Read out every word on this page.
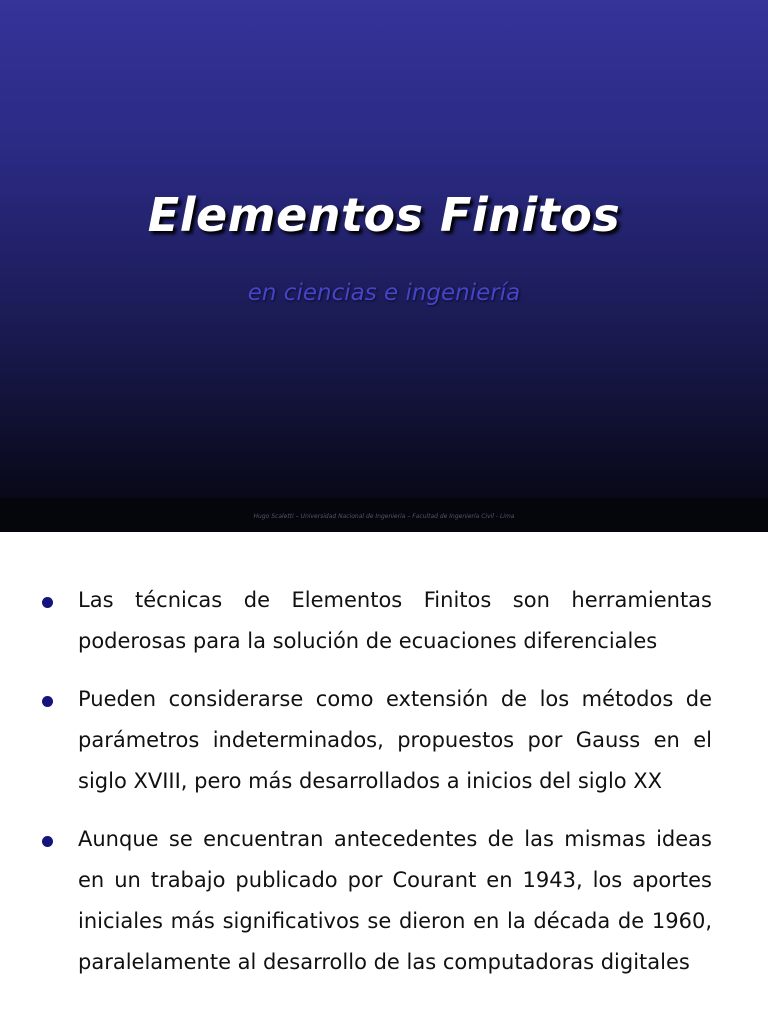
Elementos Finitos
en ciencias e ingeniería
Hugo Scaletti – Universidad Nacional de Ingeniería – Facultad de Ingeniería Civil - Lima
Las técnicas de Elementos Finitos son herramientas poderosas para la solución de ecuaciones diferenciales
Pueden considerarse como extensión de los métodos de parámetros indeterminados, propuestos por Gauss en el siglo XVIII, pero más desarrollados a inicios del siglo XX
Aunque se encuentran antecedentes de las mismas ideas en un trabajo publicado por Courant en 1943, los aportes iniciales más significativos se dieron en la década de 1960, paralelamente al desarrollo de las computadoras digitales
